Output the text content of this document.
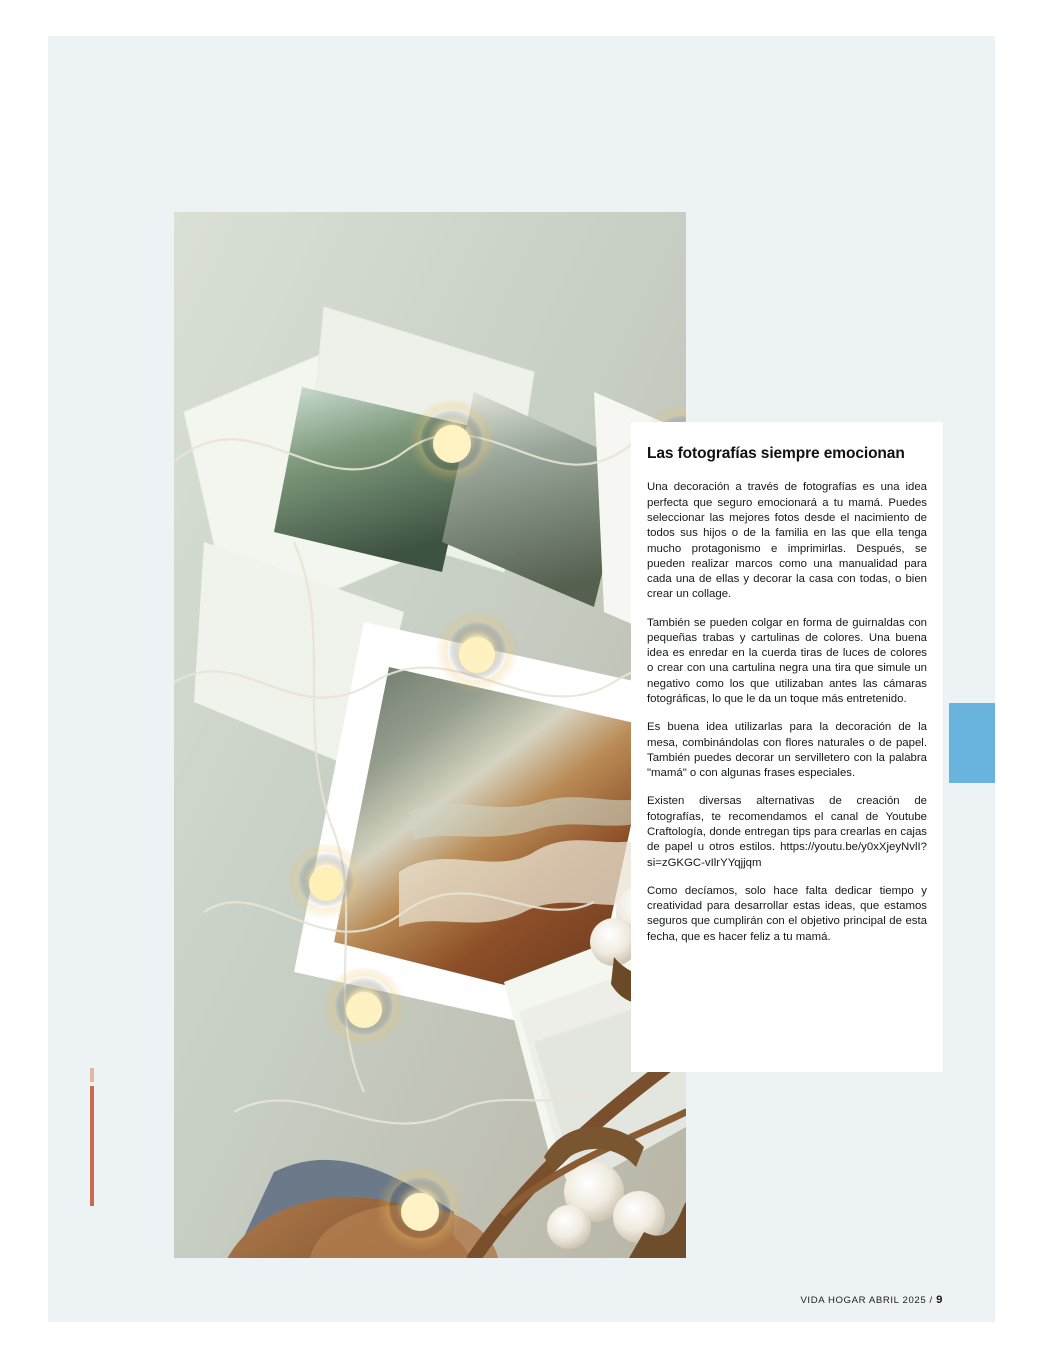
iD.
Las fotografías siempre emocionan

Una decoración a través de fotografías es una idea perfecta que seguro emocionará a tu mamá. Puedes seleccionar las mejores fotos desde el nacimiento de todos sus hijos o de la familia en las que ella tenga mucho protagonismo e imprimirlas. Después, se pueden realizar marcos como una manualidad para cada una de ellas y decorar la casa con todas, o bien crear un collage.

También se pueden colgar en forma de guirnaldas con pequeñas trabas y cartulinas de colores. Una buena idea es enredar en la cuerda tiras de luces de colores o crear con una cartulina negra una tira que simule un negativo como los que utilizaban antes las cámaras fotográficas, lo que le da un toque más entretenido.

Es buena idea utilizarlas para la decoración de la mesa, combinándolas con flores naturales o de papel. También puedes decorar un servilletero con la palabra "mamá" o con algunas frases especiales.

Existen diversas alternativas de creación de fotografías, te recomendamos el canal de Youtube Craftología, donde entregan tips para crearlas en cajas de papel u otros estilos. https://youtu.be/y0xXjeyNvlI?si=zGKGC-vIlrYYqjjqm

Como decíamos, solo hace falta dedicar tiempo y creatividad para desarrollar estas ideas, que estamos seguros que cumplirán con el objetivo principal de esta fecha, que es hacer feliz a tu mamá.

VIDA HOGAR ABRIL 2025 / 9
